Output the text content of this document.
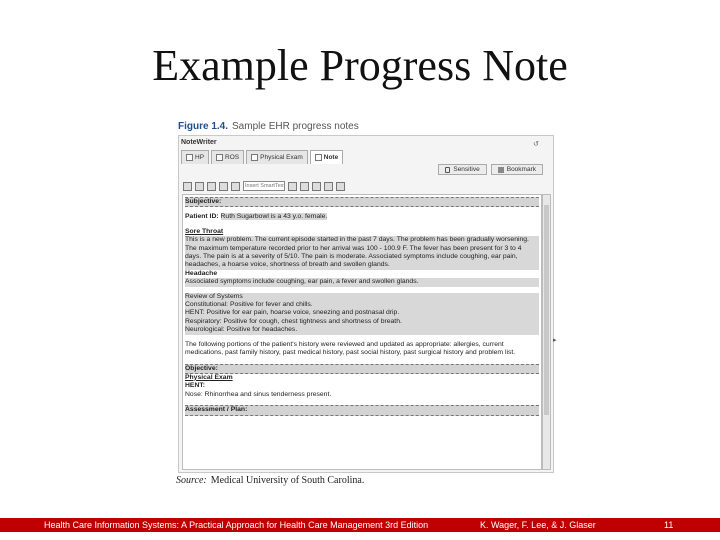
Example Progress Note
Figure 1.4. Sample EHR progress notes
NoteWriter	↺
HP	ROS	Physical Exam	Note
Sensitive	Bookmark
Insert SmartText
Subjective:
Patient ID: Ruth Sugarbowl is a 43 y.o. female.
Sore Throat
This is a new problem. The current episode started in the past 7 days. The problem has been gradually worsening. The maximum temperature recorded prior to her arrival was 100 - 100.9 F. The fever has been present for 3 to 4 days. The pain is at a severity of 5/10. The pain is moderate. Associated symptoms include coughing, ear pain, headaches, a hoarse voice, shortness of breath and swollen glands.
Headache
Associated symptoms include coughing, ear pain, a fever and swollen glands.
Review of Systems
Constitutional: Positive for fever and chills.
HENT: Positive for ear pain, hoarse voice, sneezing and postnasal drip.
Respiratory: Positive for cough, chest tightness and shortness of breath.
Neurological: Positive for headaches.
The following portions of the patient's history were reviewed and updated as appropriate: allergies, current medications, past family history, past medical history, past social history, past surgical history and problem list.
Objective:
Physical Exam
HENT:
Nose: Rhinorrhea and sinus tenderness present.
Assessment / Plan:
▸
Source: Medical University of South Carolina.
Health Care Information Systems: A Practical Approach for Health Care Management 3rd Edition	K. Wager, F. Lee, & J. Glaser	11
